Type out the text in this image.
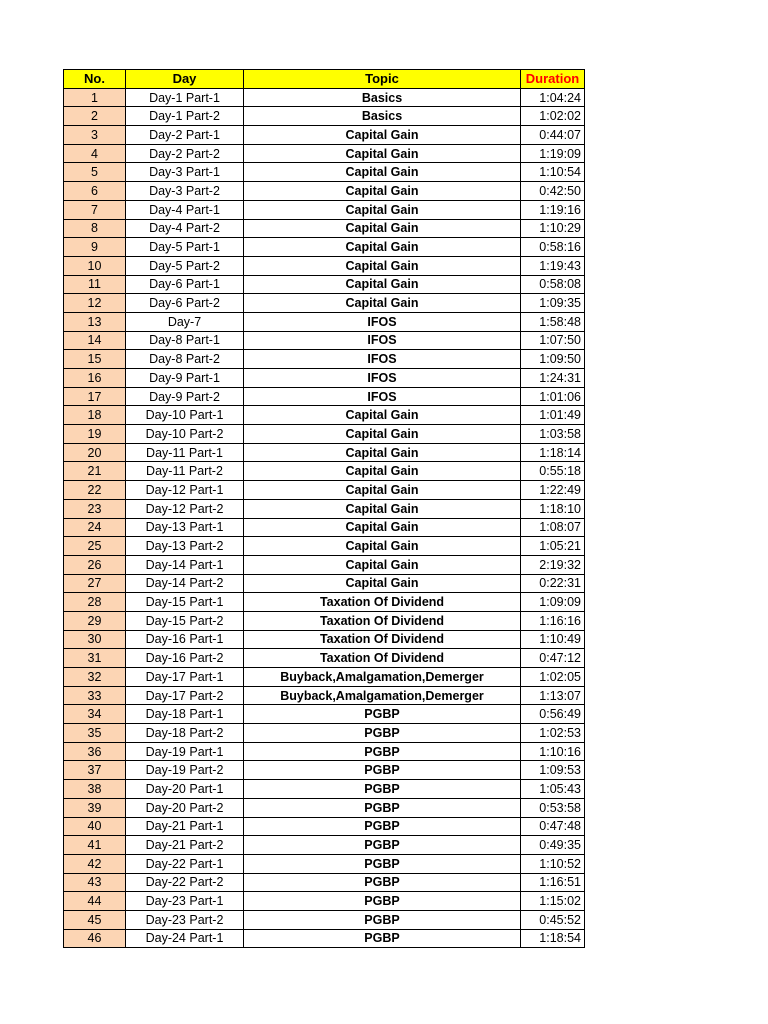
No.	Day	Topic	Duration
1	Day-1 Part-1	Basics	1:04:24
2	Day-1 Part-2	Basics	1:02:02
3	Day-2 Part-1	Capital Gain	0:44:07
4	Day-2 Part-2	Capital Gain	1:19:09
5	Day-3 Part-1	Capital Gain	1:10:54
6	Day-3 Part-2	Capital Gain	0:42:50
7	Day-4 Part-1	Capital Gain	1:19:16
8	Day-4 Part-2	Capital Gain	1:10:29
9	Day-5 Part-1	Capital Gain	0:58:16
10	Day-5 Part-2	Capital Gain	1:19:43
11	Day-6 Part-1	Capital Gain	0:58:08
12	Day-6 Part-2	Capital Gain	1:09:35
13	Day-7	IFOS	1:58:48
14	Day-8 Part-1	IFOS	1:07:50
15	Day-8 Part-2	IFOS	1:09:50
16	Day-9 Part-1	IFOS	1:24:31
17	Day-9 Part-2	IFOS	1:01:06
18	Day-10 Part-1	Capital Gain	1:01:49
19	Day-10 Part-2	Capital Gain	1:03:58
20	Day-11 Part-1	Capital Gain	1:18:14
21	Day-11 Part-2	Capital Gain	0:55:18
22	Day-12 Part-1	Capital Gain	1:22:49
23	Day-12 Part-2	Capital Gain	1:18:10
24	Day-13 Part-1	Capital Gain	1:08:07
25	Day-13 Part-2	Capital Gain	1:05:21
26	Day-14 Part-1	Capital Gain	2:19:32
27	Day-14 Part-2	Capital Gain	0:22:31
28	Day-15 Part-1	Taxation Of Dividend	1:09:09
29	Day-15 Part-2	Taxation Of Dividend	1:16:16
30	Day-16 Part-1	Taxation Of Dividend	1:10:49
31	Day-16 Part-2	Taxation Of Dividend	0:47:12
32	Day-17 Part-1	Buyback,Amalgamation,Demerger	1:02:05
33	Day-17 Part-2	Buyback,Amalgamation,Demerger	1:13:07
34	Day-18 Part-1	PGBP	0:56:49
35	Day-18 Part-2	PGBP	1:02:53
36	Day-19 Part-1	PGBP	1:10:16
37	Day-19 Part-2	PGBP	1:09:53
38	Day-20 Part-1	PGBP	1:05:43
39	Day-20 Part-2	PGBP	0:53:58
40	Day-21 Part-1	PGBP	0:47:48
41	Day-21 Part-2	PGBP	0:49:35
42	Day-22 Part-1	PGBP	1:10:52
43	Day-22 Part-2	PGBP	1:16:51
44	Day-23 Part-1	PGBP	1:15:02
45	Day-23 Part-2	PGBP	0:45:52
46	Day-24 Part-1	PGBP	1:18:54
